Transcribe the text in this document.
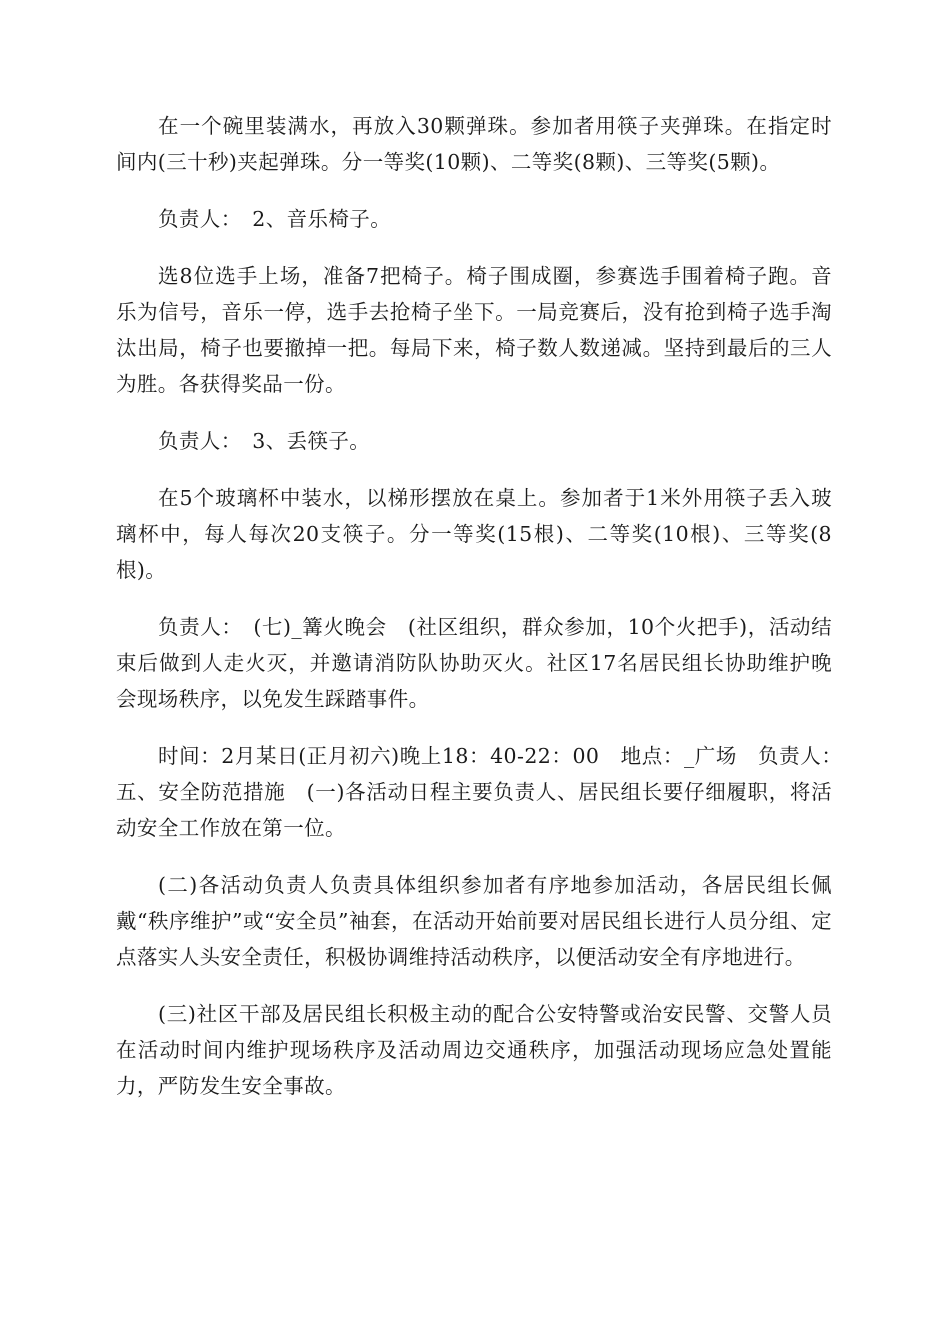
在一个碗里装满水，再放入30颗弹珠。参加者用筷子夹弹珠。在指定时间内(三十秒)夹起弹珠。分一等奖(10颗)、二等奖(8颗)、三等奖(5颗)。

负责人：　2、音乐椅子。

选8位选手上场，准备7把椅子。椅子围成圈，参赛选手围着椅子跑。音乐为信号，音乐一停，选手去抢椅子坐下。一局竞赛后，没有抢到椅子选手淘汰出局，椅子也要撤掉一把。每局下来，椅子数人数递减。坚持到最后的三人为胜。各获得奖品一份。

负责人：　3、丢筷子。

在5个玻璃杯中装水，以梯形摆放在桌上。参加者于1米外用筷子丢入玻璃杯中，每人每次20支筷子。分一等奖(15根)、二等奖(10根)、三等奖(8根)。

负责人：　(七)_篝火晚会　(社区组织，群众参加，10个火把手)，活动结束后做到人走火灭，并邀请消防队协助灭火。社区17名居民组长协助维护晚会现场秩序，以免发生踩踏事件。

时间：2月某日(正月初六)晚上18：40-22：00　地点：_广场　负责人：　五、安全防范措施　(一)各活动日程主要负责人、居民组长要仔细履职，将活动安全工作放在第一位。

(二)各活动负责人负责具体组织参加者有序地参加活动，各居民组长佩戴“秩序维护”或“安全员”袖套，在活动开始前要对居民组长进行人员分组、定点落实人头安全责任，积极协调维持活动秩序，以便活动安全有序地进行。

(三)社区干部及居民组长积极主动的配合公安特警或治安民警、交警人员在活动时间内维护现场秩序及活动周边交通秩序，加强活动现场应急处置能力，严防发生安全事故。
